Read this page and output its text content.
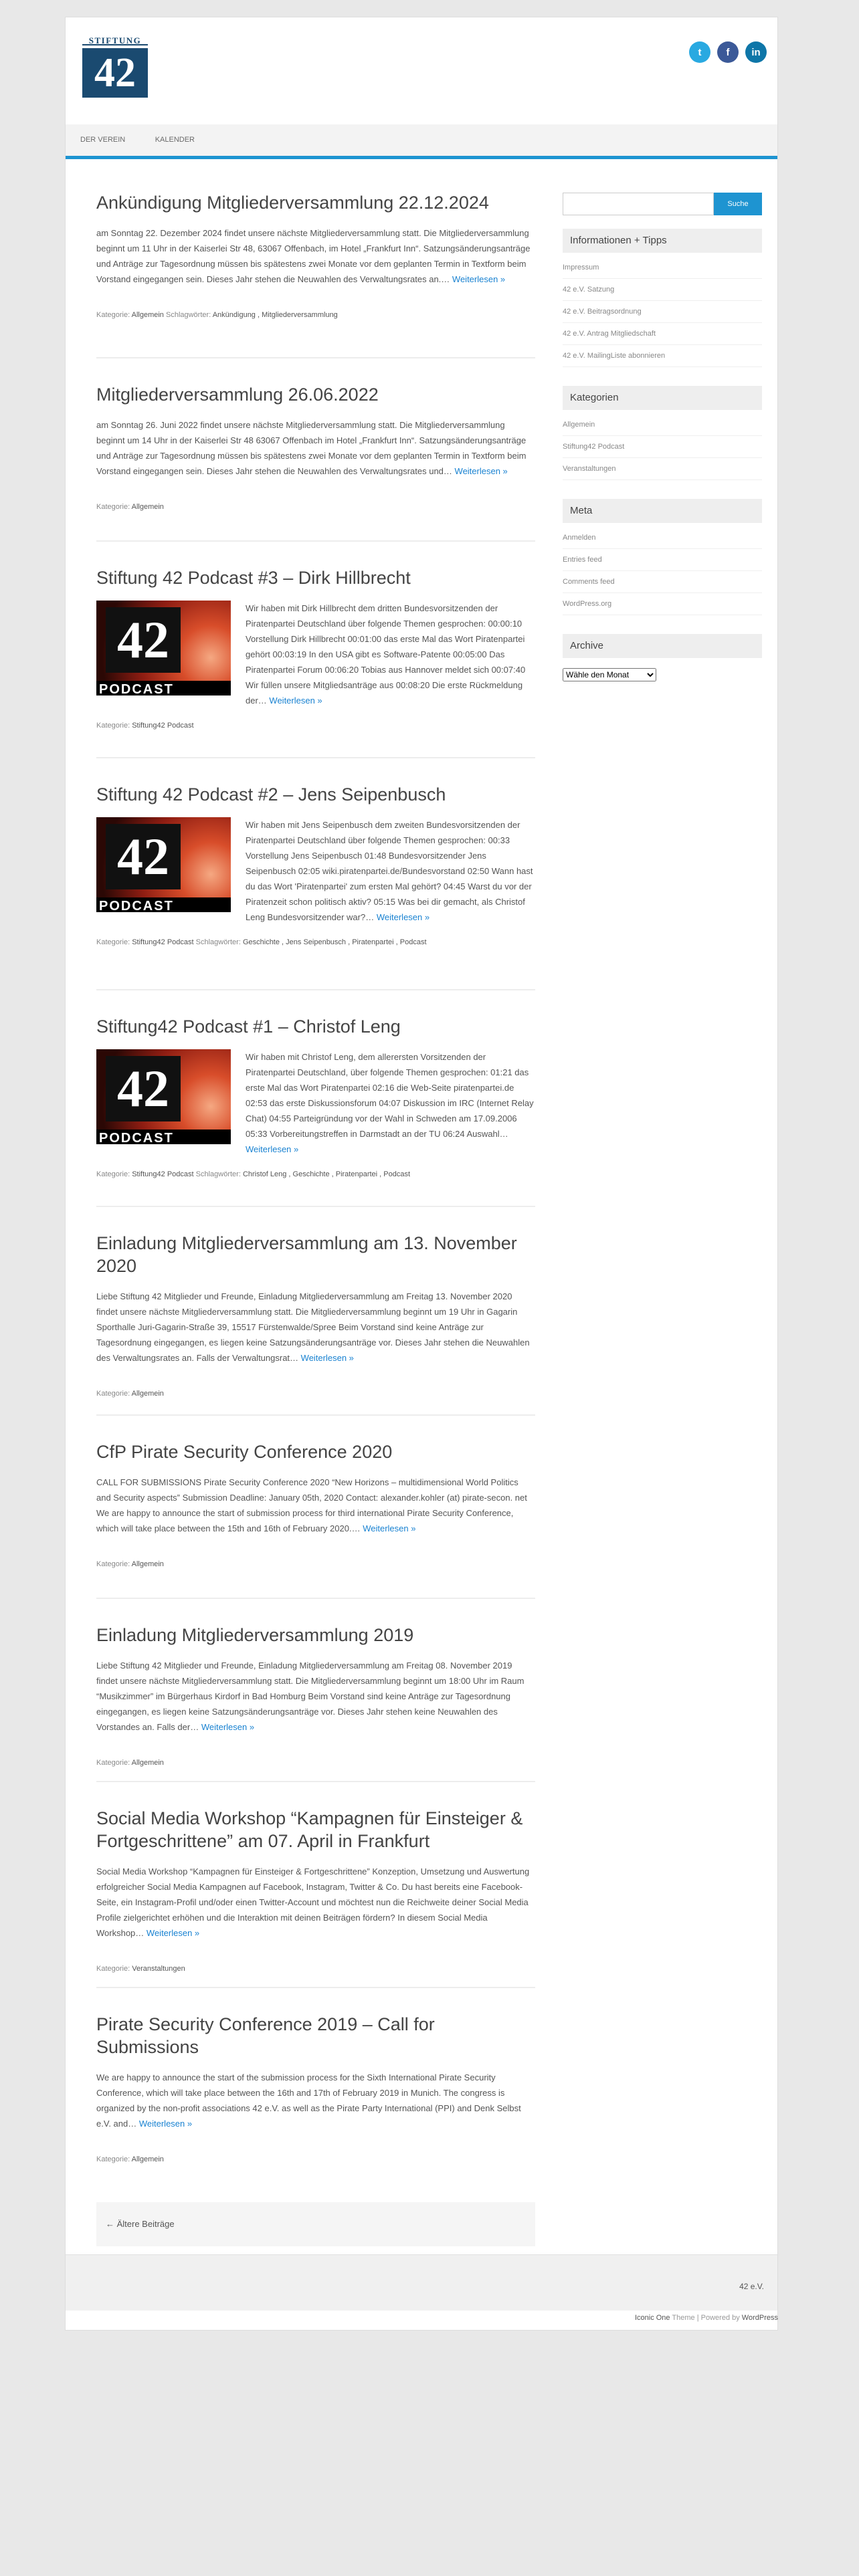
STIFTUNG
42	t	f	in
DER VEREIN	KALENDER
Ankündigung Mitgliederversammlung 22.12.2024
am Sonntag 22. Dezember 2024 findet unsere nächste Mitgliederversammlung statt. Die Mitgliederversammlung beginnt um 11 Uhr in der Kaiserlei Str 48, 63067 Offenbach, im Hotel „Frankfurt Inn“. Satzungsänderungsanträge und Anträge zur Tagesordnung müssen bis spätestens zwei Monate vor dem geplanten Termin in Textform beim Vorstand eingegangen sein. Dieses Jahr stehen die Neuwahlen des Verwaltungsrates an.… Weiterlesen »
Kategorie: Allgemein Schlagwörter: Ankündigung , Mitgliederversammlung
Mitgliederversammlung 26.06.2022
am Sonntag 26. Juni 2022 findet unsere nächste Mitgliederversammlung statt. Die Mitgliederversammlung beginnt um 14 Uhr in der Kaiserlei Str 48 63067 Offenbach im Hotel „Frankfurt Inn“. Satzungsänderungsanträge und Anträge zur Tagesordnung müssen bis spätestens zwei Monate vor dem geplanten Termin in Textform beim Vorstand eingegangen sein. Dieses Jahr stehen die Neuwahlen des Verwaltungsrates und… Weiterlesen »
Kategorie: Allgemein
Stiftung 42 Podcast #3 – Dirk Hillbrecht
42
PODCAST
Wir haben mit Dirk Hillbrecht dem dritten Bundesvorsitzenden der Piratenpartei Deutschland über folgende Themen gesprochen: 00:00:10 Vorstellung Dirk Hillbrecht 00:01:00 das erste Mal das Wort Piratenpartei gehört 00:03:19 In den USA gibt es Software-Patente 00:05:00 Das Piratenpartei Forum 00:06:20 Tobias aus Hannover meldet sich 00:07:40 Wir füllen unsere Mitgliedsanträge aus 00:08:20 Die erste Rückmeldung der… Weiterlesen »
Kategorie: Stiftung42 Podcast
Stiftung 42 Podcast #2 – Jens Seipenbusch
42
PODCAST
Wir haben mit Jens Seipenbusch dem zweiten Bundesvorsitzenden der Piratenpartei Deutschland über folgende Themen gesprochen: 00:33 Vorstellung Jens Seipenbusch 01:48 Bundesvorsitzender Jens Seipenbusch 02:05 wiki.piratenpartei.de/Bundesvorstand 02:50 Wann hast du das Wort 'Piratenpartei' zum ersten Mal gehört? 04:45 Warst du vor der Piratenzeit schon politisch aktiv? 05:15 Was bei dir gemacht, als Christof Leng Bundesvorsitzender war?… Weiterlesen »
Kategorie: Stiftung42 Podcast Schlagwörter: Geschichte , Jens Seipenbusch , Piratenpartei , Podcast
Stiftung42 Podcast #1 – Christof Leng
42
PODCAST
Wir haben mit Christof Leng, dem allerersten Vorsitzenden der Piratenpartei Deutschland, über folgende Themen gesprochen: 01:21 das erste Mal das Wort Piratenpartei 02:16 die Web-Seite piratenpartei.de 02:53 das erste Diskussionsforum 04:07 Diskussion im IRC (Internet Relay Chat) 04:55 Parteigründung vor der Wahl in Schweden am 17.09.2006 05:33 Vorbereitungstreffen in Darmstadt an der TU 06:24 Auswahl… Weiterlesen »
Kategorie: Stiftung42 Podcast Schlagwörter: Christof Leng , Geschichte , Piratenpartei , Podcast
Einladung Mitgliederversammlung am 13. November 2020
Liebe Stiftung 42 Mitglieder und Freunde, Einladung Mitgliederversammlung am Freitag 13. November 2020 findet unsere nächste Mitgliederversammlung statt. Die Mitgliederversammlung beginnt um 19 Uhr in Gagarin Sporthalle Juri-Gagarin-Straße 39, 15517 Fürstenwalde/Spree Beim Vorstand sind keine Anträge zur Tagesordnung eingegangen, es liegen keine Satzungsänderungsanträge vor. Dieses Jahr stehen die Neuwahlen des Verwaltungsrates an. Falls der Verwaltungsrat… Weiterlesen »
Kategorie: Allgemein
CfP Pirate Security Conference 2020
CALL FOR SUBMISSIONS Pirate Security Conference 2020 “New Horizons – multidimensional World Politics and Security aspects” Submission Deadline: January 05th, 2020 Contact: alexander.kohler (at) pirate-secon. net We are happy to announce the start of submission process for third international Pirate Security Conference, which will take place between the 15th and 16th of February 2020.… Weiterlesen »
Kategorie: Allgemein
Einladung Mitgliederversammlung 2019
Liebe Stiftung 42 Mitglieder und Freunde, Einladung Mitgliederversammlung am Freitag 08. November 2019 findet unsere nächste Mitgliederversammlung statt. Die Mitgliederversammlung beginnt um 18:00 Uhr im Raum “Musikzimmer” im Bürgerhaus Kirdorf in Bad Homburg Beim Vorstand sind keine Anträge zur Tagesordnung eingegangen, es liegen keine Satzungsänderungsanträge vor. Dieses Jahr stehen keine Neuwahlen des Vorstandes an. Falls der… Weiterlesen »
Kategorie: Allgemein
Social Media Workshop “Kampagnen für Einsteiger & Fortgeschrittene” am 07. April in Frankfurt
Social Media Workshop “Kampagnen für Einsteiger & Fortgeschrittene” Konzeption, Umsetzung und Auswertung erfolgreicher Social Media Kampagnen auf Facebook, Instagram, Twitter & Co. Du hast bereits eine Facebook-Seite, ein Instagram-Profil und/oder einen Twitter-Account und möchtest nun die Reichweite deiner Social Media Profile zielgerichtet erhöhen und die Interaktion mit deinen Beiträgen fördern? In diesem Social Media Workshop… Weiterlesen »
Kategorie: Veranstaltungen
Pirate Security Conference 2019 – Call for Submissions
We are happy to announce the start of the submission process for the Sixth International Pirate Security Conference, which will take place between the 16th and 17th of February 2019 in Munich. The congress is organized by the non-profit associations 42 e.V. as well as the Pirate Party International (PPI) and Denk Selbst e.V. and… Weiterlesen »
Kategorie: Allgemein
← Ältere Beiträge
Suche
Informationen + Tipps
Impressum
42 e.V. Satzung
42 e.V. Beitragsordnung
42 e.V. Antrag Mitgliedschaft
42 e.V. MailingListe abonnieren
Kategorien
Allgemein
Stiftung42 Podcast
Veranstaltungen
Meta
Anmelden
Entries feed
Comments feed
WordPress.org
Archive
Wähle den Monat
42 e.V.
Iconic One Theme | Powered by WordPress
